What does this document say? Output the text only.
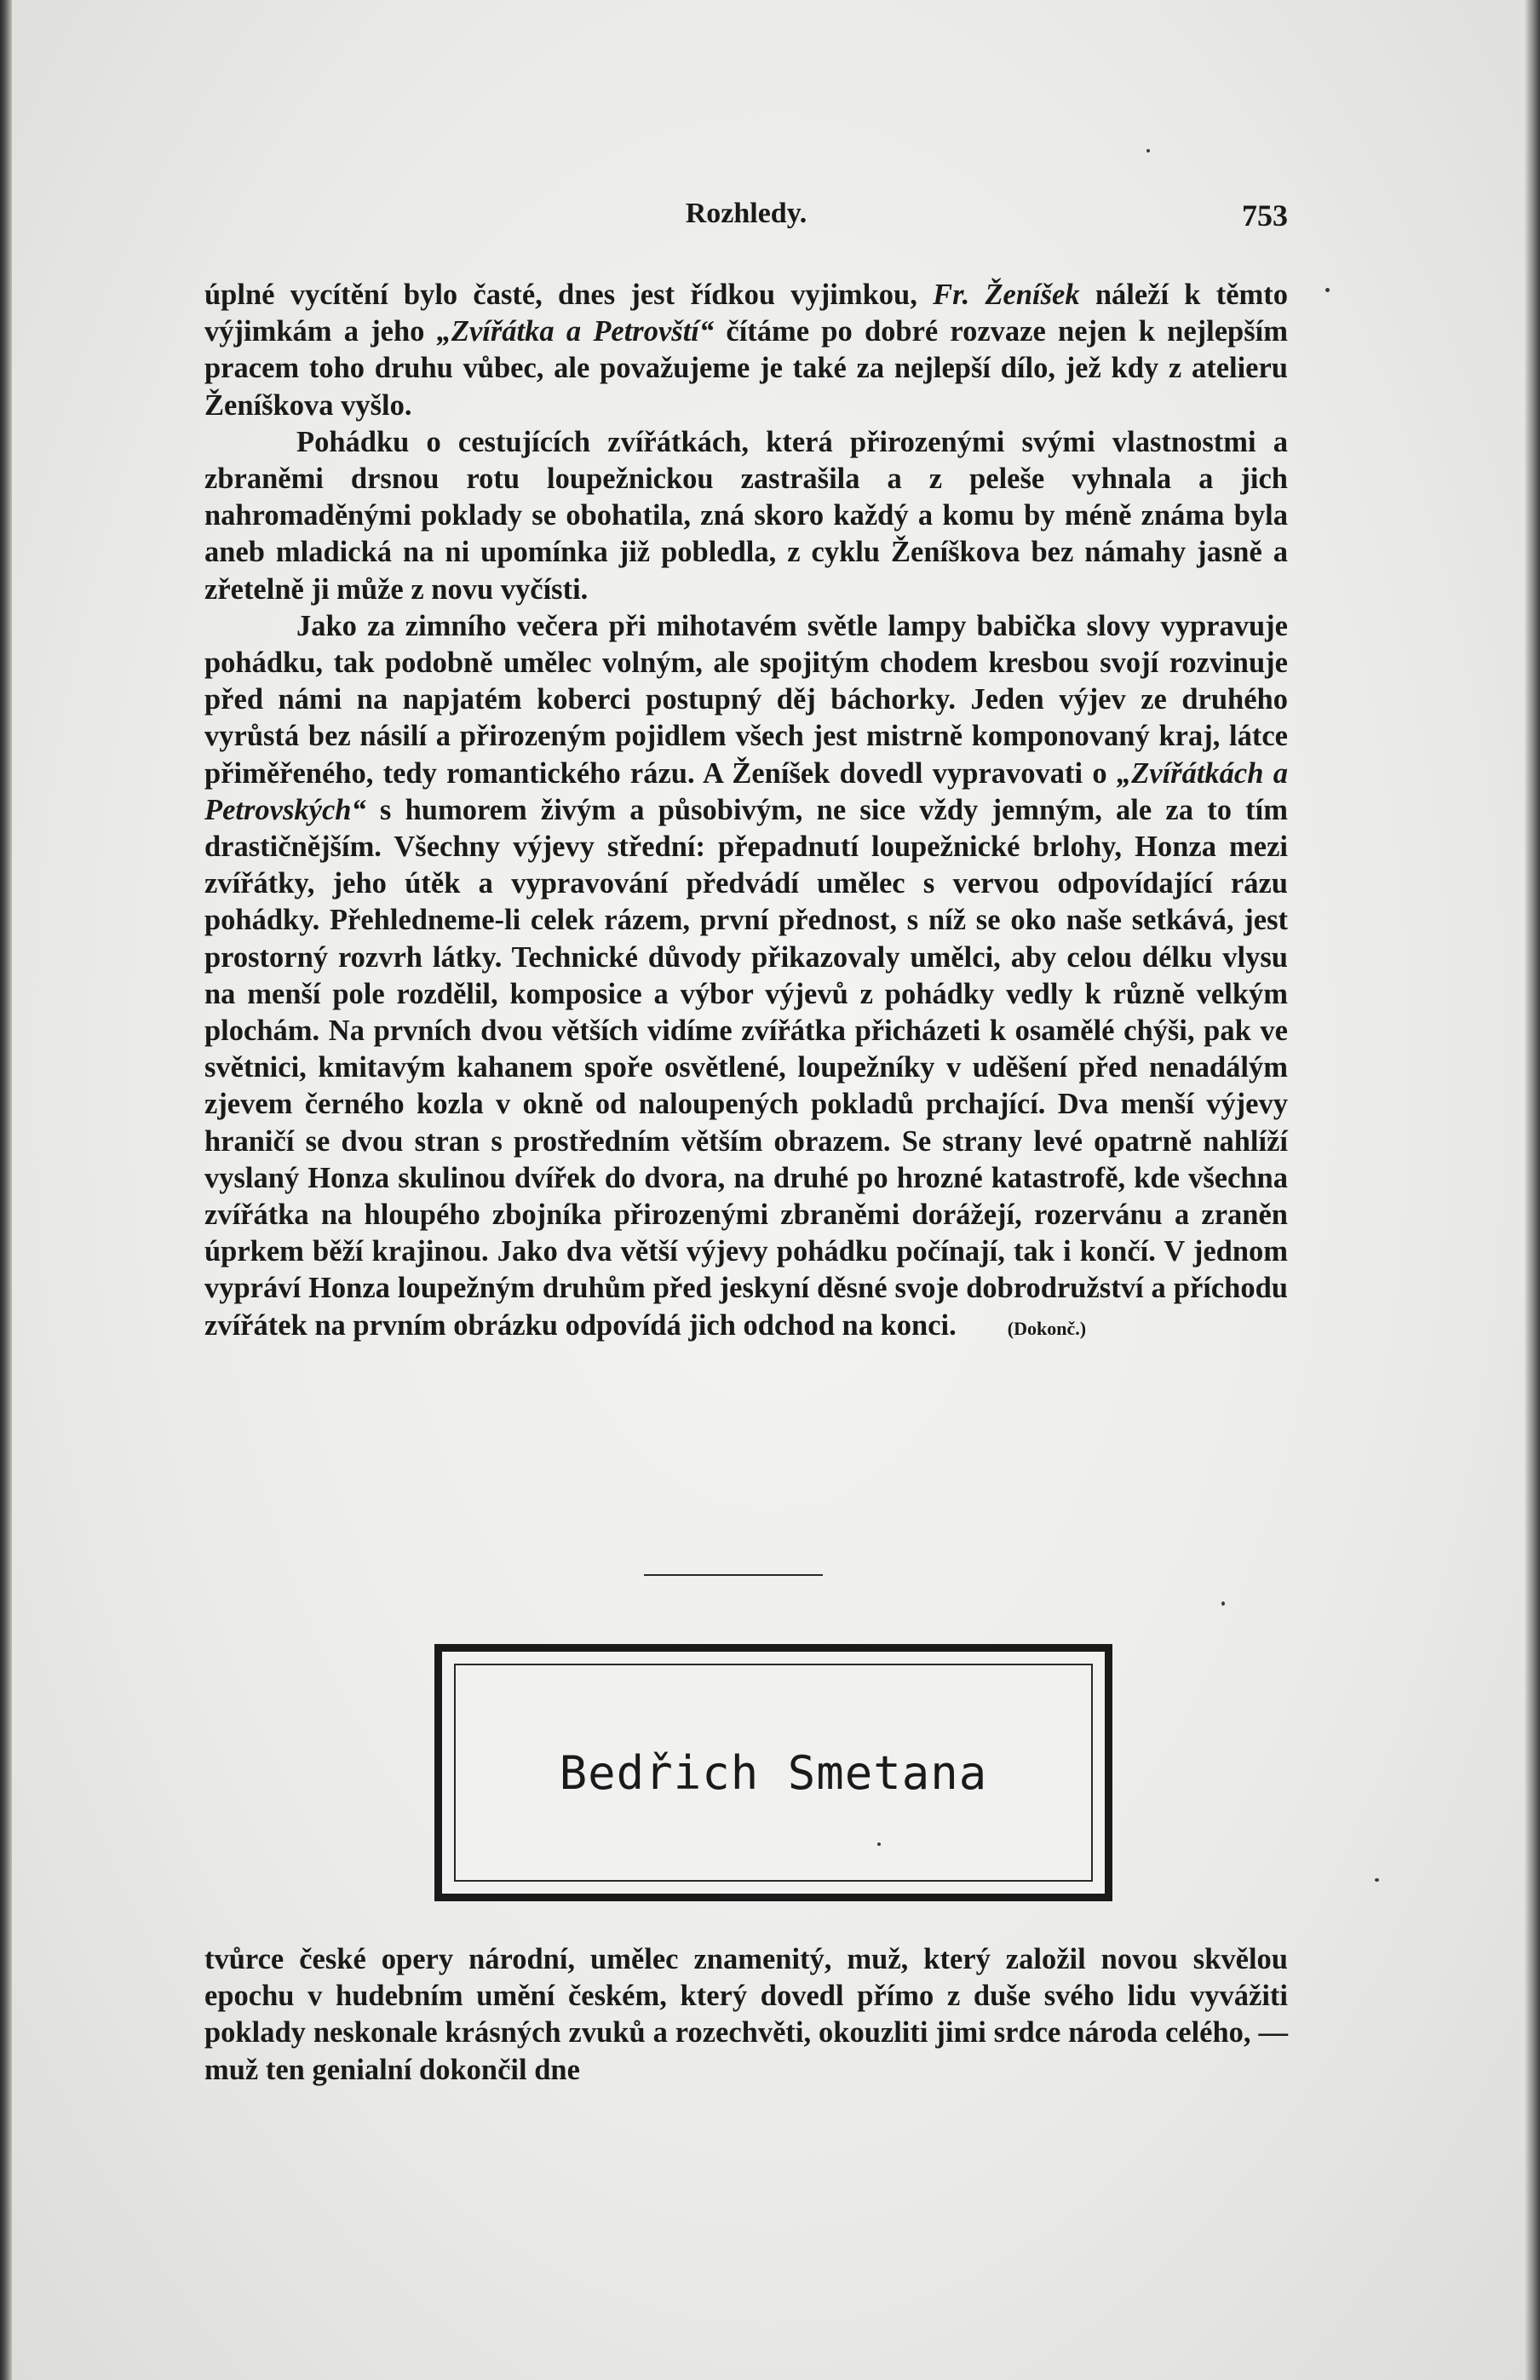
Rozhledy.	753

úplné vycítění bylo časté, dnes jest řídkou vyjimkou, Fr. Ženíšek náleží k těmto výjimkám a jeho „Zvířátka a Petrovští“ čítáme po dobré rozvaze nejen k nejlepším pracem toho druhu vůbec, ale považujeme je také za nejlepší dílo, jež kdy z atelieru Ženíškova vyšlo.

Pohádku o cestujících zvířátkách, která přirozenými svými vlastnostmi a zbraněmi drsnou rotu loupežnickou zastrašila a z peleše vyhnala a jich nahromaděnými poklady se obohatila, zná skoro každý a komu by méně známa byla aneb mladická na ni upomínka již pobledla, z cyklu Ženíškova bez námahy jasně a zřetelně ji může z novu vyčísti.

Jako za zimního večera při mihotavém světle lampy babička slovy vypravuje pohádku, tak podobně umělec volným, ale spojitým chodem kresbou svojí rozvinuje před námi na napjatém koberci postupný děj báchorky. Jeden výjev ze druhého vyrůstá bez násilí a přirozeným pojidlem všech jest mistrně komponovaný kraj, látce přiměřeného, tedy romantického rázu. A Ženíšek dovedl vypravovati o „Zvířátkách a Petrovských“ s humorem živým a působivým, ne sice vždy jemným, ale za to tím drastičnějším. Všechny výjevy střední: přepadnutí loupežnické brlohy, Honza mezi zvířátky, jeho útěk a vypravování předvádí umělec s vervou odpovídající rázu pohádky. Přehledneme-li celek rázem, první přednost, s níž se oko naše setkává, jest prostorný rozvrh látky. Technické důvody přikazovaly umělci, aby celou délku vlysu na menší pole rozdělil, komposice a výbor výjevů z pohádky vedly k různě velkým plochám. Na prvních dvou větších vidíme zvířátka přicházeti k osamělé chýši, pak ve světnici, kmitavým kahanem spoře osvětlené, loupežníky v uděšení před nenadálým zjevem černého kozla v okně od naloupených pokladů prchající. Dva menší výjevy hraničí se dvou stran s prostředním větším obrazem. Se strany levé opatrně nahlíží vyslaný Honza skulinou dvířek do dvora, na druhé po hrozné katastrofě, kde všechna zvířátka na hloupého zbojníka přirozenými zbraněmi dorážejí, rozervánu a zraněn úprkem běží krajinou. Jako dva větší výjevy pohádku počínají, tak i končí. V jednom vypráví Honza loupežným druhům před jeskyní děsné svoje dobrodružství a příchodu zvířátek na prvním obrázku odpovídá jich odchod na konci.	(Dokonč.)

Bedřich Smetana

tvůrce české opery národní, umělec znamenitý, muž, který založil novou skvělou epochu v hudebním umění českém, který dovedl přímo z duše svého lidu vyvážiti poklady neskonale krásných zvuků a rozechvěti, okouzliti jimi srdce národa celého, — muž ten genialní dokončil dne
